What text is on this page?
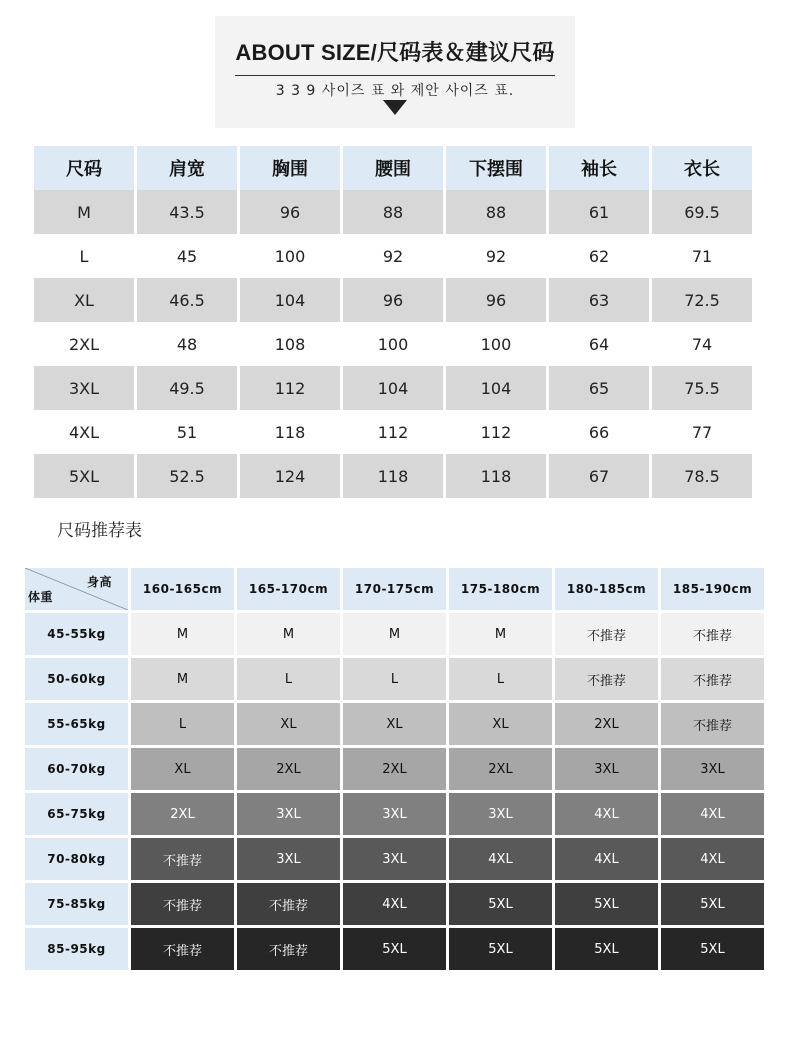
ABOUT SIZE/尺码表＆建议尺码
3 3 9 사이즈 표 와 제안 사이즈 표.
尺码	肩宽	胸围	腰围	下摆围	袖长	衣长
M	43.5	96	88	88	61	69.5
L	45	100	92	92	62	71
XL	46.5	104	96	96	63	72.5
2XL	48	108	100	100	64	74
3XL	49.5	112	104	104	65	75.5
4XL	51	118	112	112	66	77
5XL	52.5	124	118	118	67	78.5
尺码推荐表
身高
体重	160-165cm	165-170cm	170-175cm	175-180cm	180-185cm	185-190cm
45-55kg	M	M	M	M	不推荐	不推荐
50-60kg	M	L	L	L	不推荐	不推荐
55-65kg	L	XL	XL	XL	2XL	不推荐
60-70kg	XL	2XL	2XL	2XL	3XL	3XL
65-75kg	2XL	3XL	3XL	3XL	4XL	4XL
70-80kg	不推荐	3XL	3XL	4XL	4XL	4XL
75-85kg	不推荐	不推荐	4XL	5XL	5XL	5XL
85-95kg	不推荐	不推荐	5XL	5XL	5XL	5XL
